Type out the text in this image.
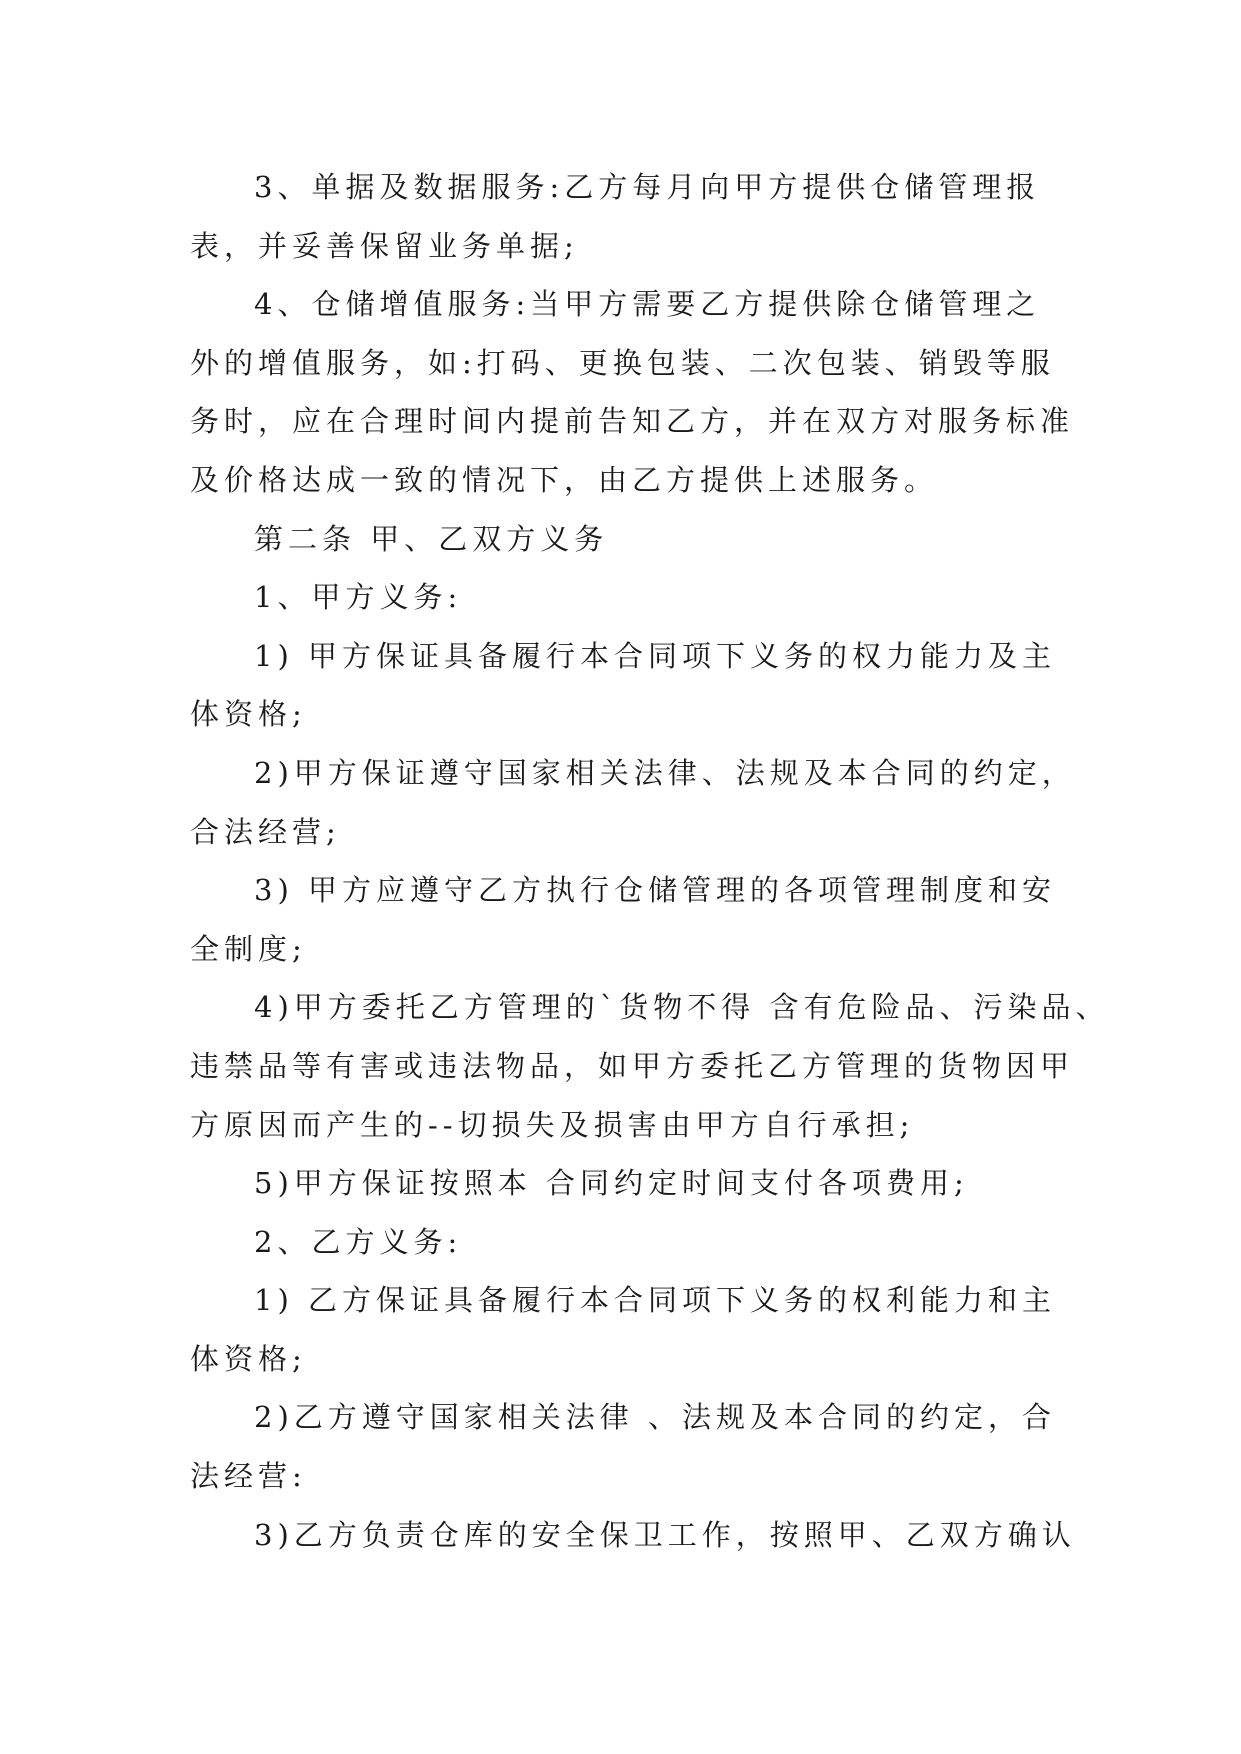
3、单据及数据服务:乙方每月向甲方提供仓储管理报

表，并妥善保留业务单据;

4、仓储增值服务:当甲方需要乙方提供除仓储管理之

外的增值服务，如:打码、更换包装、二次包装、销毁等服

务时，应在合理时间内提前告知乙方，并在双方对服务标准

及价格达成一致的情况下，由乙方提供上述服务。

第二条 甲、乙双方义务

1、甲方义务:

1) 甲方保证具备履行本合同项下义务的权力能力及主

体资格;

2)甲方保证遵守国家相关法律、法规及本合同的约定，

合法经营;

3) 甲方应遵守乙方执行仓储管理的各项管理制度和安

全制度;

4)甲方委托乙方管理的`货物不得 含有危险品、污染品、

违禁品等有害或违法物品，如甲方委托乙方管理的货物因甲

方原因而产生的--切损失及损害由甲方自行承担;

5)甲方保证按照本 合同约定时间支付各项费用;

2、乙方义务:

1) 乙方保证具备履行本合同项下义务的权利能力和主

体资格;

2)乙方遵守国家相关法律 、法规及本合同的约定，合

法经营:

3)乙方负责仓库的安全保卫工作，按照甲、乙双方确认
